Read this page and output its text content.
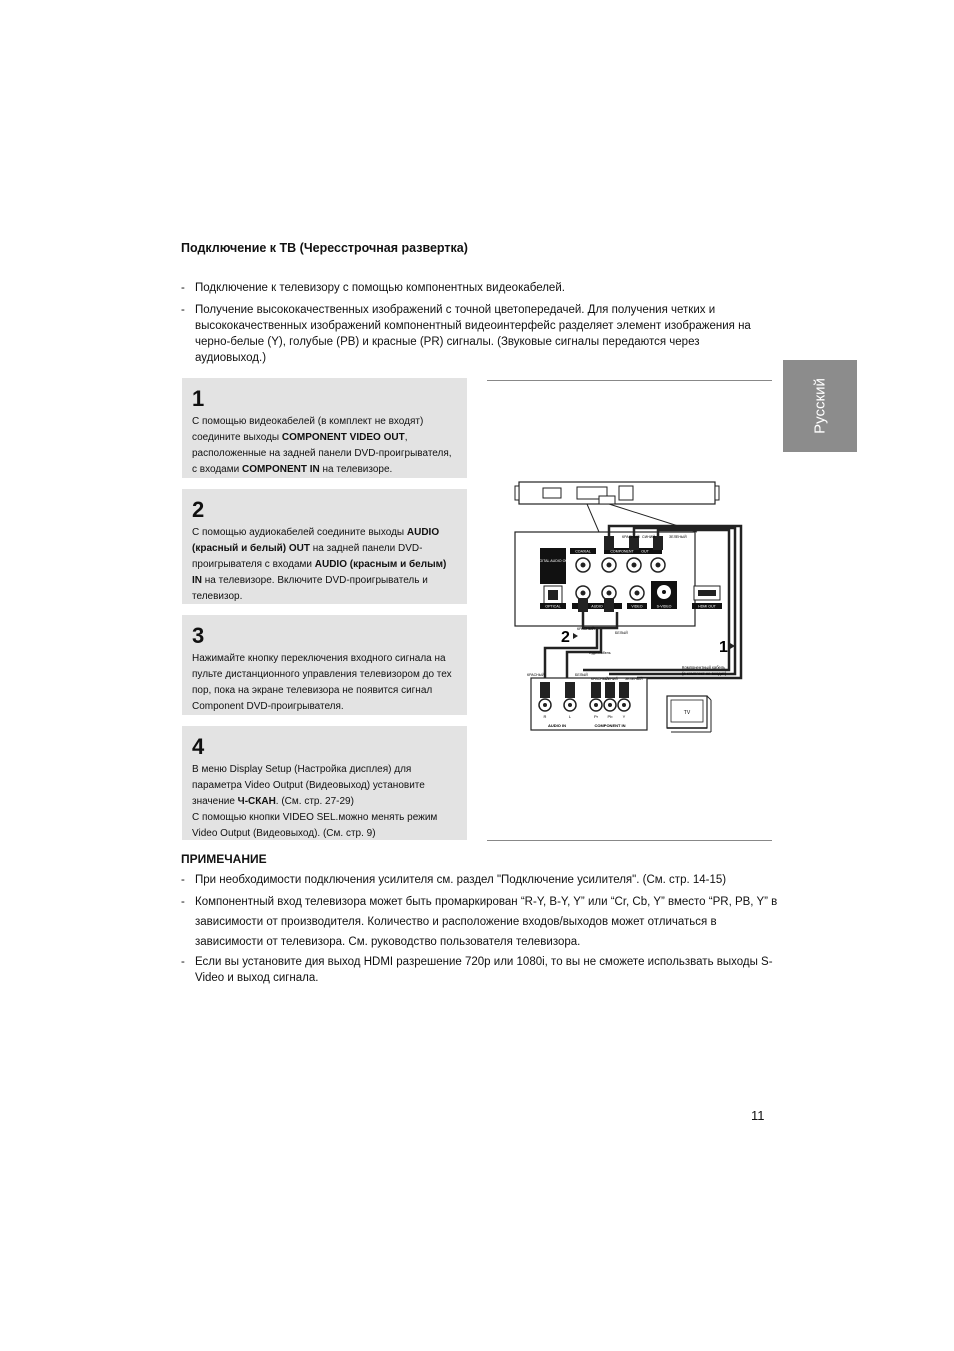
Подключение к ТВ (Чересстрочная развертка)
- Подключение к телевизору с помощью компонентных видеокабелей.
- Получение высококачественных изображений с точной цветопередачей. Для получения четких и высококачественных изображений компонентный видеоинтерфейс разделяет элемент изображения на черно-белые (Y), голубые (PB) и красные (PR) сигналы. (Звуковые сигналы передаются через аудиовыход.)
Русский
1
С помощью видеокабелей (в комплект не входят) соедините выходы COMPONENT VIDEO OUT, расположенные на задней панели DVD-проигрывателя, с входами COMPONENT IN на телевизоре.
2
С помощью аудиокабелей соедините выходы AUDIO (красный и белый) OUT на задней панели DVD-проигрывателя с входами AUDIO (красным и белым) IN на телевизоре. Включите DVD-проигрыватель и телевизор.
3
Нажимайте кнопку переключения входного сигнала на пульте дистанционного управления телевизором до тех пор, пока на экране телевизора не появится сигнал Component DVD-проигрывателя.
4
В меню Display Setup (Настройка дисплея) для параметра Video Output (Видеовыход) установите значение Ч-СКАН. (См. стр. 27-29)
С помощью кнопки VIDEO SEL.можно менять режим Video Output (Видеовыход). (См. стр. 9)
DIGITAL AUDIO OUT
OPTICAL
COAXIAL	COMPONENT OUT
AUDIO	VIDEO	S-VIDEO	HDMI OUT
КРАСНЫЙ СИНИЙ	ЗЕЛЕНЫЙ
КРАСНЫЙ
БЕЛЫЙ
Аудиокабель
2
1
КРАСНЫЙ	БЕЛЫЙ
КРАСНЫЙ
СИНИЙ ЗЕЛЕНЫЙ
R	L	Pr Pb	Y
AUDIO IN	COMPONENT IN
Компонентный кабель
(в комплект не входит)
TV
ПРИМЕЧАНИЕ
- При необходимости подключения усилителя см. раздел "Подключение усилителя". (См. стр. 14-15)
- Компонентный вход телевизора может быть промаркирован “R-Y, B-Y, Y” или “Cr, Cb, Y” вместо “PR, PB, Y” в зависимости от производителя. Количество и расположение входов/выходов может отличаться в зависимости от телевизора. См. руководство пользователя телевизора.
- Если вы установите дия выход HDMI разрешение 720p или 1080i, то вы не сможете использвать выходы S-Video и выход сигнала.
11
